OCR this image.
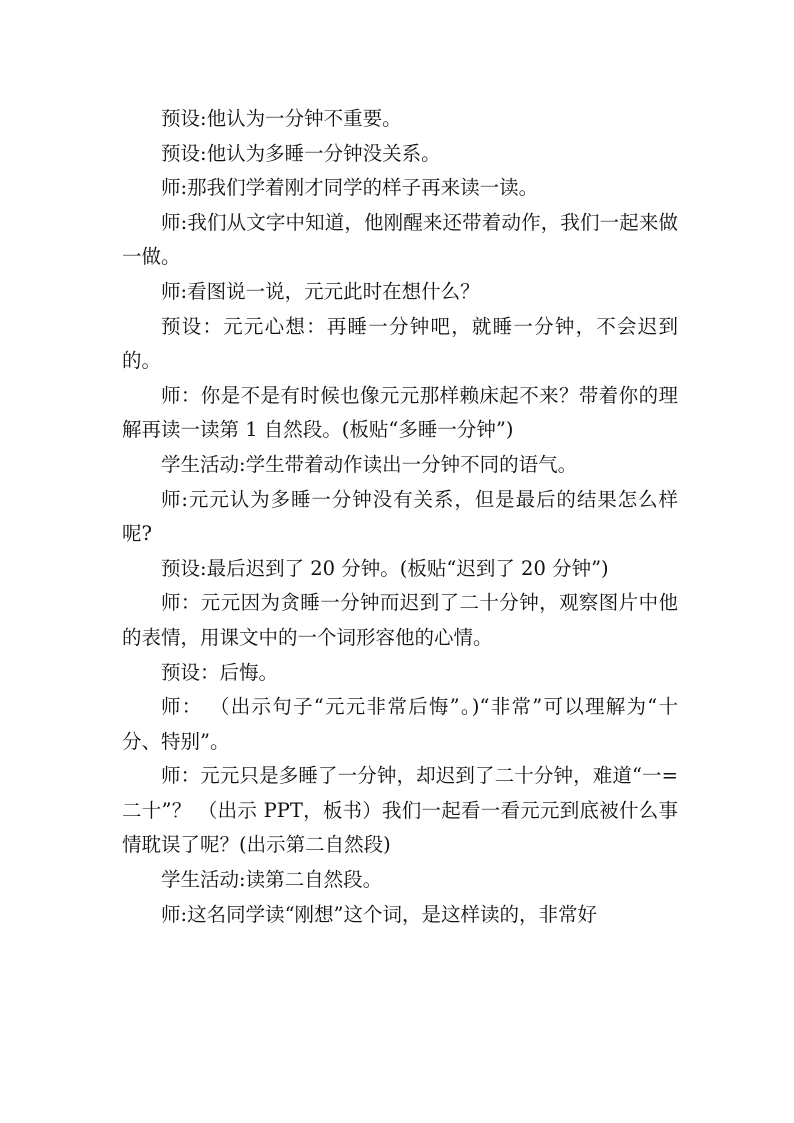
预设:他认为一分钟不重要。

预设:他认为多睡一分钟没关系。

师:那我们学着刚才同学的样子再来读一读。

师:我们从文字中知道，他刚醒来还带着动作，我们一起来做一做。

师:看图说一说，元元此时在想什么？

预设：元元心想：再睡一分钟吧，就睡一分钟，不会迟到的。

师：你是不是有时候也像元元那样赖床起不来？带着你的理解再读一读第 1 自然段。(板贴“多睡一分钟”)

学生活动:学生带着动作读出一分钟不同的语气。

师:元元认为多睡一分钟没有关系，但是最后的结果怎么样呢?

预设:最后迟到了 20 分钟。(板贴“迟到了 20 分钟”)

师：元元因为贪睡一分钟而迟到了二十分钟，观察图片中他的表情，用课文中的一个词形容他的心情。

预设：后悔。

师： （出示句子“元元非常后悔”。)“非常”可以理解为“十分、特别”。

师：元元只是多睡了一分钟，却迟到了二十分钟，难道“一=二十”？ （出示 PPT，板书）我们一起看一看元元到底被什么事情耽误了呢？(出示第二自然段)

学生活动:读第二自然段。

师:这名同学读“刚想”这个词，是这样读的，非常好
